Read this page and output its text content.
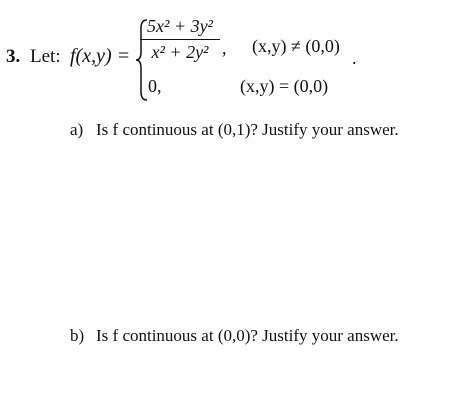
3. Let: f(x,y) =
5x² + 3y²
x² + 2y² , (x,y) ≠ (0,0)
0,	(x,y) = (0,0)
.
a) Is f continuous at (0,1)? Justify your answer.
b) Is f continuous at (0,0)? Justify your answer.
